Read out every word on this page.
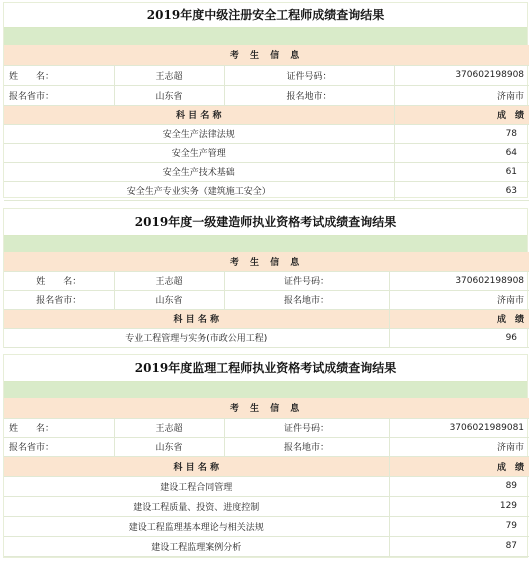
2019年度中级注册安全工程师成绩查询结果
考 生 信 息			
姓　　名：	王志超	证件号码：	370602198908
报名省市：	山东省	报名地市：	济南市
科 目 名 称			成　绩
安全生产法律法规			78
安全生产管理			64
安全生产技术基础			61
安全生产专业实务（建筑施工安全）			63
2019年度一级建造师执业资格考试成绩查询结果
考 生 信 息			
姓　　名：	王志超	证件号码：	370602198908
报名省市：	山东省	报名地市：	济南市
科 目 名 称			成　绩
专业工程管理与实务(市政公用工程)			96
2019年度监理工程师执业资格考试成绩查询结果
考 生 信 息			
姓　　名：	王志超	证件号码：	3706021989081
报名省市：	山东省	报名地市：	济南市
科 目 名 称			成　绩
建设工程合同管理			89
建设工程质量、投资、进度控制			129
建设工程监理基本理论与相关法规			79
建设工程监理案例分析			87
